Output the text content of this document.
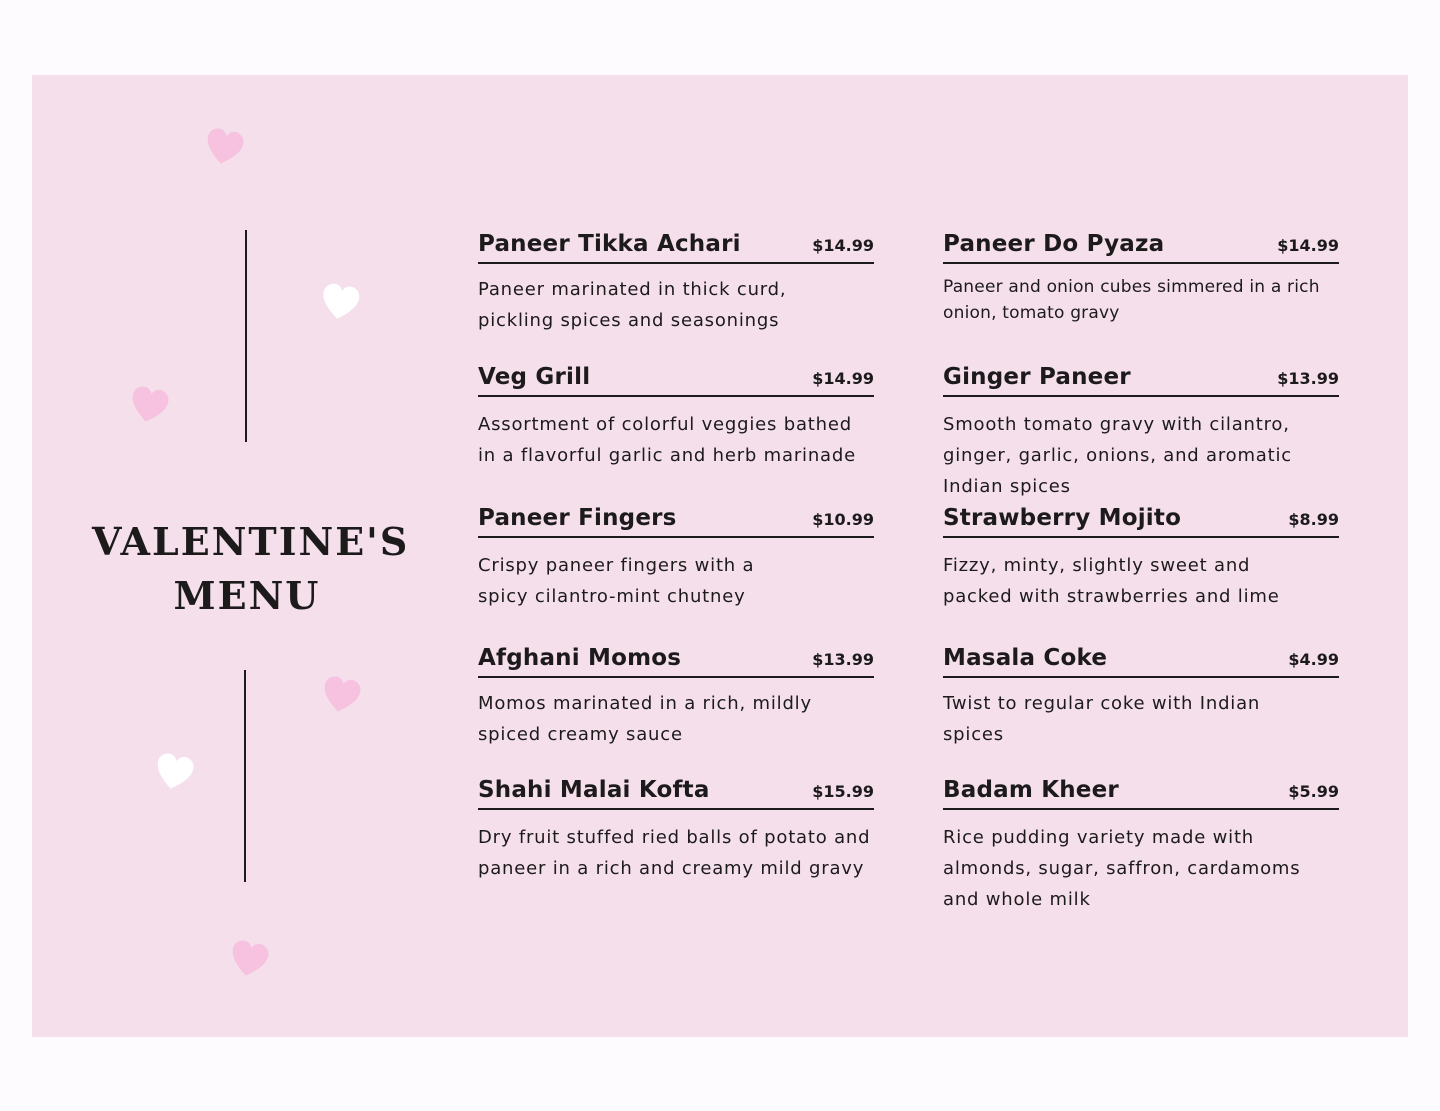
VALENTINE'S
MENU
Paneer Tikka Achari	$14.99
Paneer marinated in thick curd, pickling spices and seasonings
Veg Grill	$14.99
Assortment of colorful veggies bathed in a flavorful garlic and herb marinade
Paneer Fingers	$10.99
Crispy paneer fingers with a spicy cilantro-mint chutney
Afghani Momos	$13.99
Momos marinated in a rich, mildly spiced creamy sauce
Shahi Malai Kofta	$15.99
Dry fruit stuffed ried balls of potato and paneer in a rich and creamy mild gravy
Paneer Do Pyaza	$14.99
Paneer and onion cubes simmered in a rich onion, tomato gravy
Ginger Paneer	$13.99
Smooth tomato gravy with cilantro, ginger, garlic, onions, and aromatic Indian spices
Strawberry Mojito	$8.99
Fizzy, minty, slightly sweet and packed with strawberries and lime
Masala Coke	$4.99
Twist to regular coke with Indian spices
Badam Kheer	$5.99
Rice pudding variety made with almonds, sugar, saffron, cardamoms and whole milk
